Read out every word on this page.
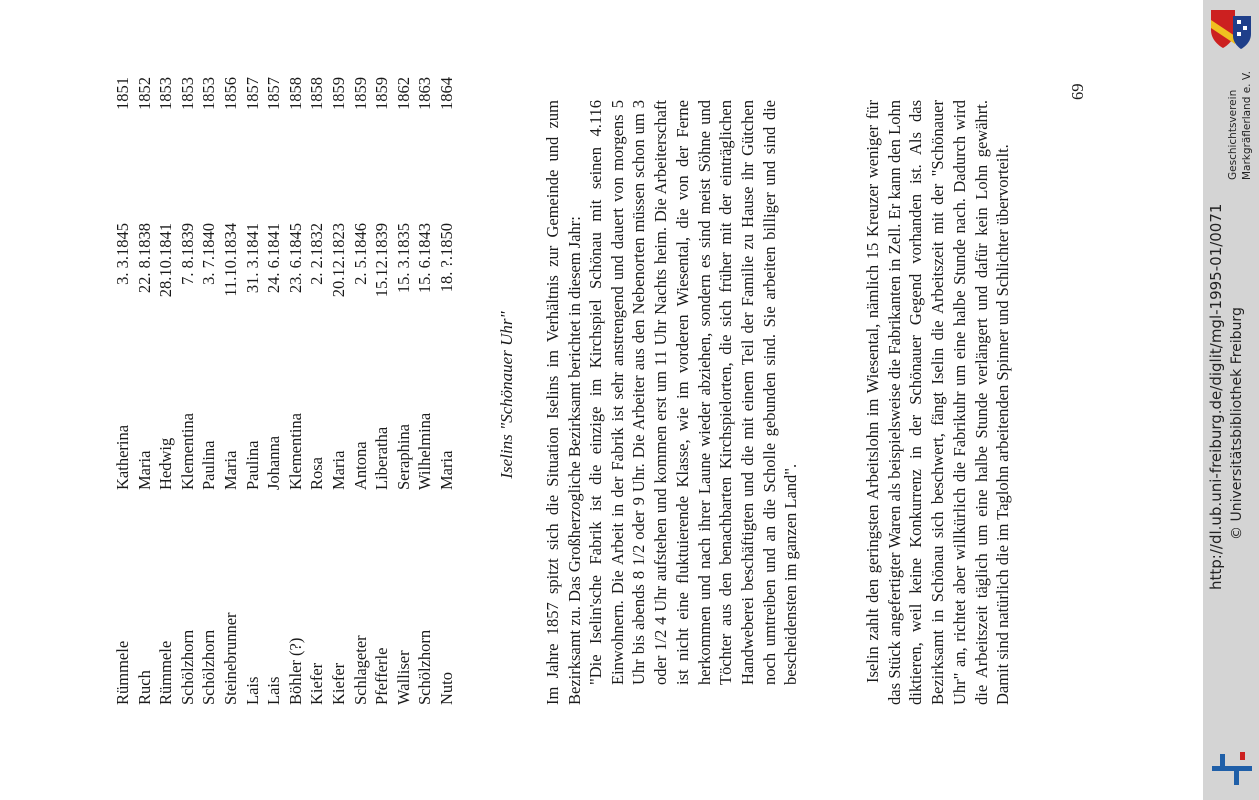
Rümmele
Katherina
3. 3.1845
1851
Ruch
Maria
22. 8.1838
1852
Rümmele
Hedwig
28.10.1841
1853
Schölzhorn
Klementina
7. 8.1839
1853
Schölzhorn
Paulina
3. 7.1840
1853
Steinebrunner
Maria
11.10.1834
1856
Lais
Paulina
31. 3.1841
1857
Lais
Johanna
24. 6.1841
1857
Böhler (?)
Klementina
23. 6.1845
1858
Kiefer
Rosa
2. 2.1832
1858
Kiefer
Maria
20.12.1823
1859
Schlageter
Antona
2. 5.1846
1859
Pfefferle
Liberatha
15.12.1839
1859
Walliser
Seraphina
15. 3.1835
1862
Schölzhorn
Wilhelmina
15. 6.1843
1863
Nuto
Maria
18. ?.1850
1864
Iselins "Schönauer Uhr" Im Jahre 1857 spitzt sich die Situation Iselins im Verhältnis zur Gemeinde und zum Bezirksamt zu. Das Großherzogliche Bezirksamt berichtet in diesem Jahr: "Die Iselin'sche Fabrik ist die einzige im Kirchspiel Schönau mit seinen 4.116 Einwohnern. Die Arbeit in der Fabrik ist sehr anstrengend und dauert von morgens 5 Uhr bis abends 8 1/2 oder 9 Uhr. Die Arbeiter aus den Nebenorten müssen schon um 3 oder 1/2 4 Uhr aufstehen und kommen erst um 11 Uhr Nachts heim. Die Arbeiterschaft ist nicht eine fluktuierende Klasse, wie im vorderen Wiesental, die von der Ferne herkommen und nach ihrer Laune wieder abziehen, sondern es sind meist Söhne und Töchter aus den benachbarten Kirchspielorten, die sich früher mit der einträglichen Handweberei beschäftigten und die mit einem Teil der Familie zu Hause ihr Gütchen noch umtreiben und an die Scholle gebunden sind. Sie arbeiten billiger und sind die bescheidensten im ganzen Land".	Iselin zahlt den geringsten Arbeitslohn im Wiesental, nämlich 15 Kreuzer weniger für das Stück angefertigter Waren als beispielsweise die Fabrikanten in Zell. Er kann den Lohn diktieren, weil keine Konkurrenz in der Schönauer Gegend vorhanden ist. Als das Bezirksamt in Schönau sich beschwert, fängt Iselin die Arbeitszeit mit der "Schönauer Uhr" an, richtet aber willkürlich die Fabrikuhr um eine halbe Stunde nach. Dadurch wird die Arbeitszeit täglich um eine halbe Stunde verlängert und dafür kein Lohn gewährt. Damit sind natürlich die im Taglohn arbeitenden Spinner und Schlichter übervorteilt.

69	Geschichtsverein Markgräflerland e. V.
http://dl.ub.uni-freiburg.de/diglit/mgl-1995-01/0071 © Universitätsbibliothek Freiburg
